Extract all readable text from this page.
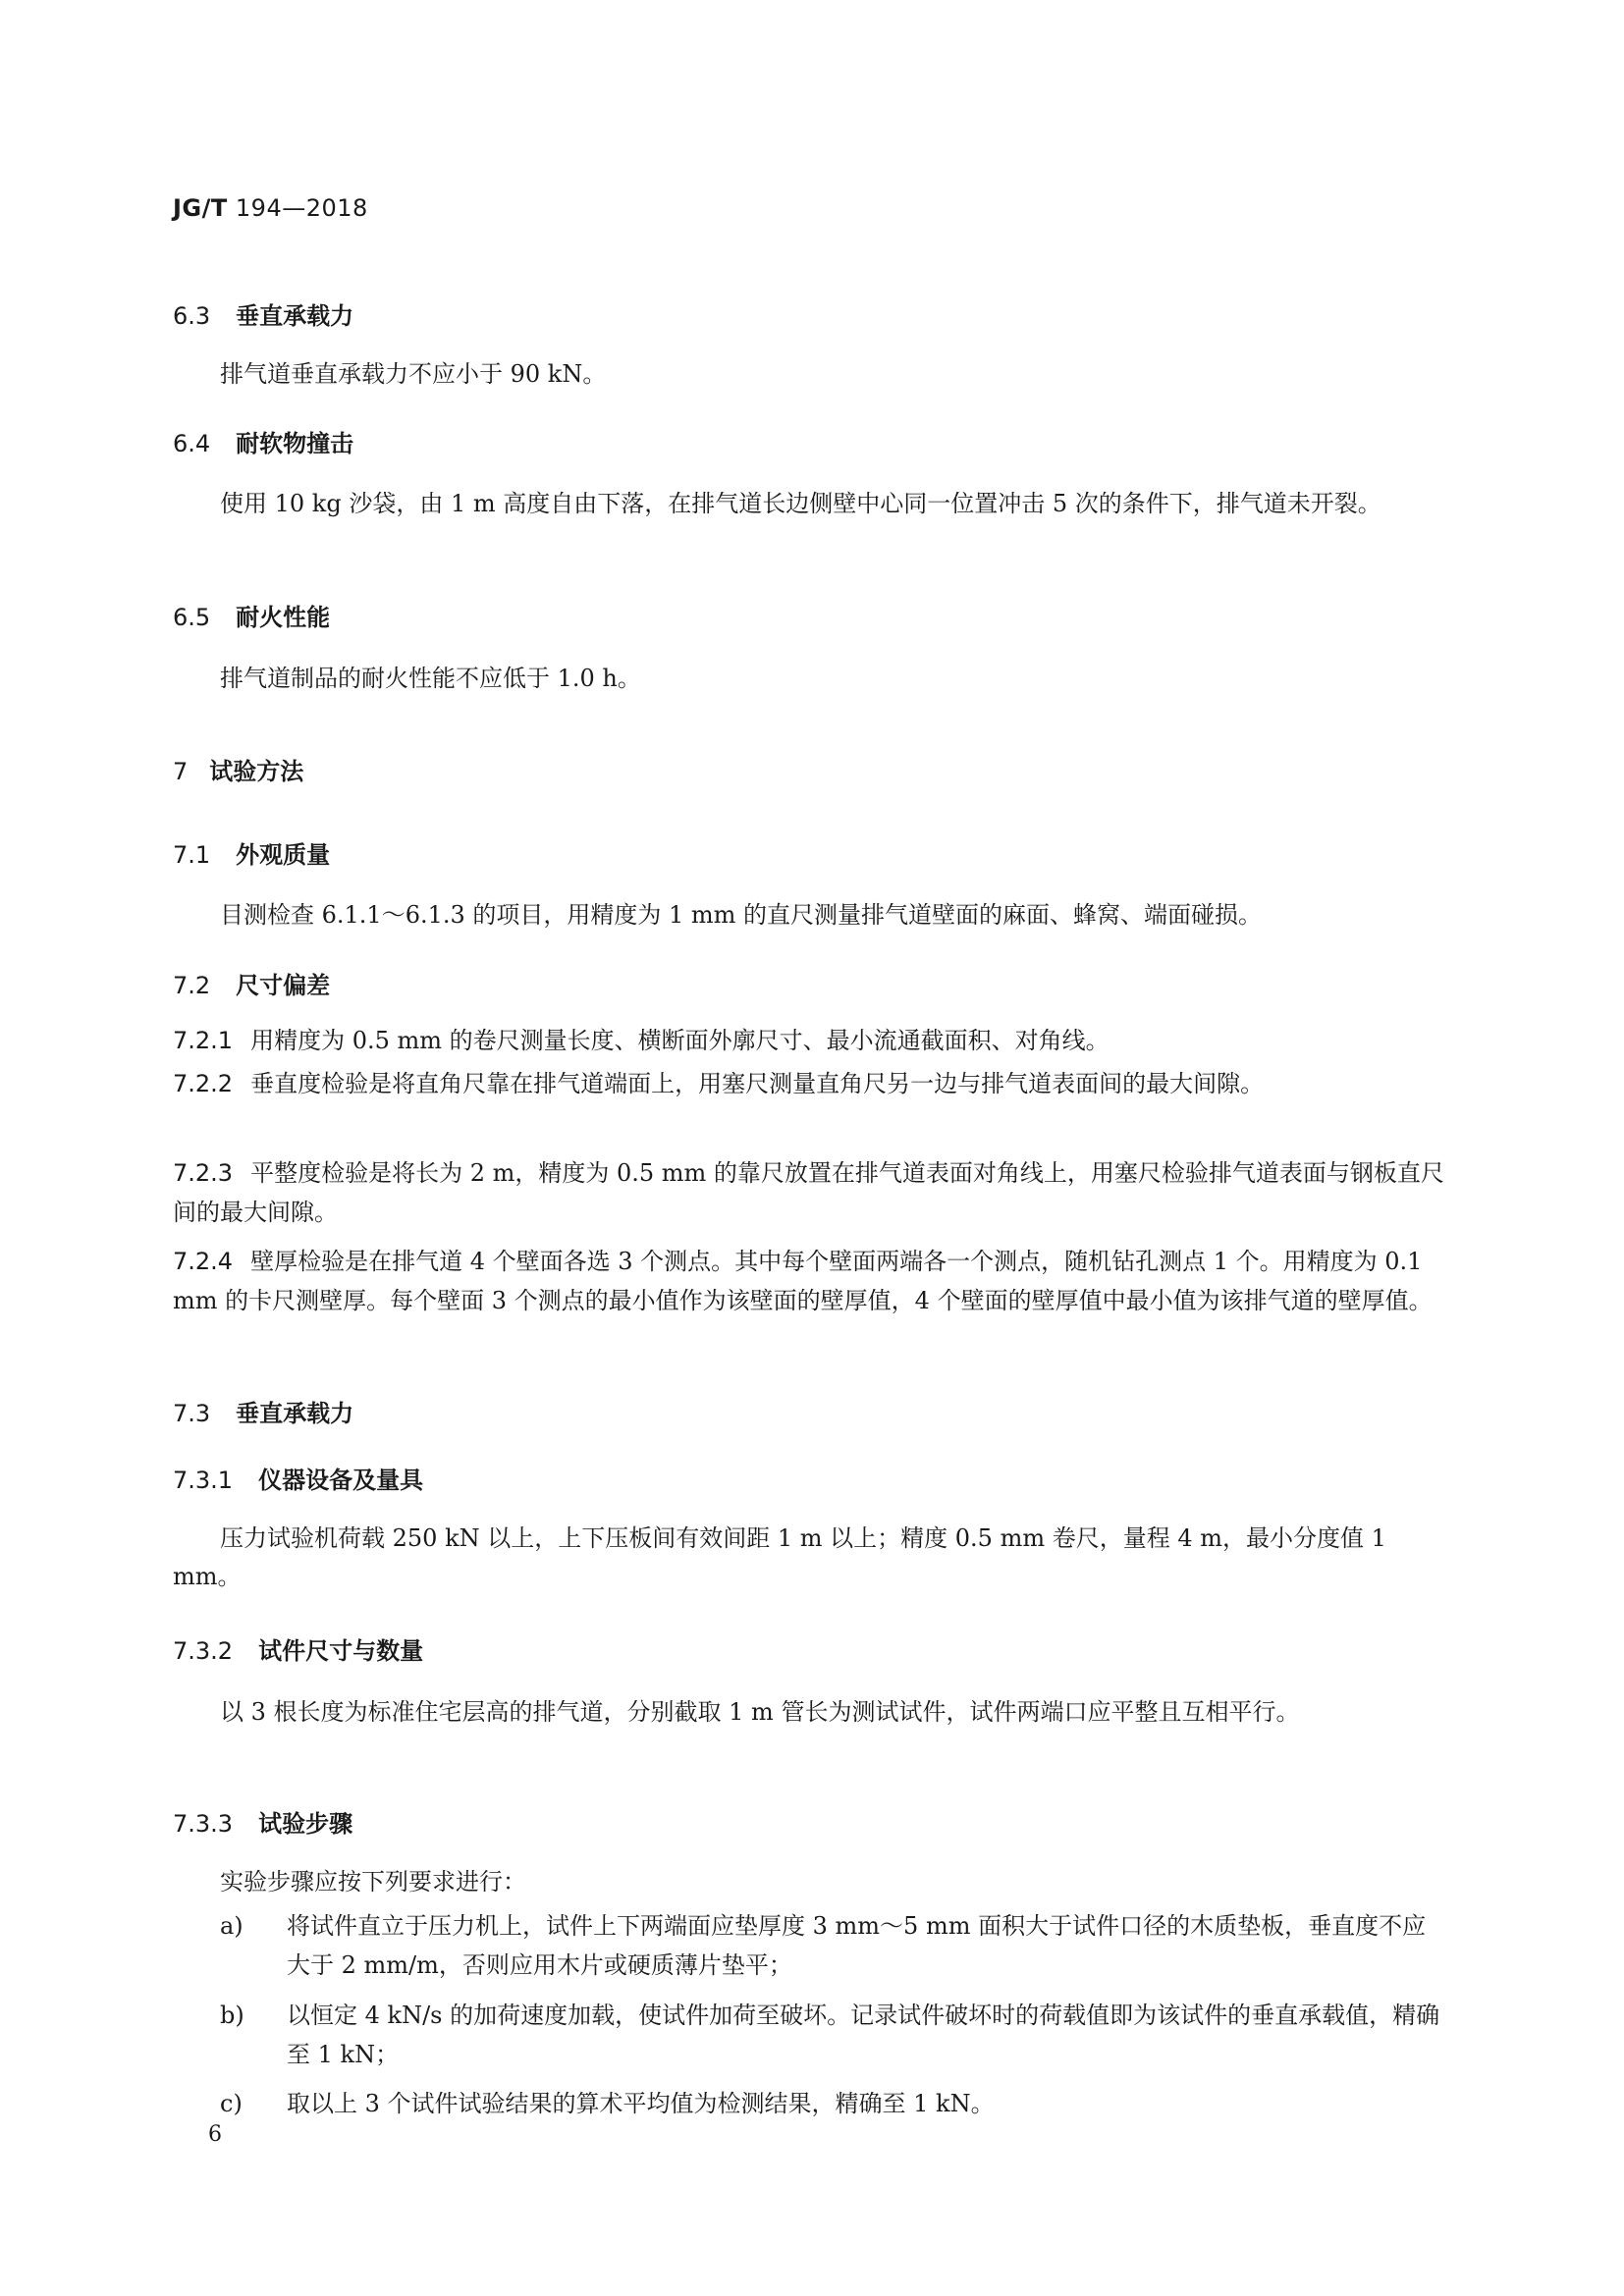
JG/T 194—2018
6.3 垂直承载力
排气道垂直承载力不应小于 90 kN。
6.4 耐软物撞击
使用 10 kg 沙袋，由 1 m 高度自由下落，在排气道长边侧壁中心同一位置冲击 5 次的条件下，排气道未开裂。
6.5 耐火性能
排气道制品的耐火性能不应低于 1.0 h。
7 试验方法
7.1 外观质量
目测检查 6.1.1～6.1.3 的项目，用精度为 1 mm 的直尺测量排气道壁面的麻面、蜂窝、端面碰损。
7.2 尺寸偏差
7.2.1 用精度为 0.5 mm 的卷尺测量长度、横断面外廓尺寸、最小流通截面积、对角线。
7.2.2 垂直度检验是将直角尺靠在排气道端面上，用塞尺测量直角尺另一边与排气道表面间的最大间隙。
7.2.3 平整度检验是将长为 2 m，精度为 0.5 mm 的靠尺放置在排气道表面对角线上，用塞尺检验排气道表面与钢板直尺间的最大间隙。
7.2.4 壁厚检验是在排气道 4 个壁面各选 3 个测点。其中每个壁面两端各一个测点，随机钻孔测点 1 个。用精度为 0.1 mm 的卡尺测壁厚。每个壁面 3 个测点的最小值作为该壁面的壁厚值，4 个壁面的壁厚值中最小值为该排气道的壁厚值。
7.3 垂直承载力
7.3.1 仪器设备及量具
压力试验机荷载 250 kN 以上，上下压板间有效间距 1 m 以上；精度 0.5 mm 卷尺，量程 4 m，最小分度值 1 mm。
7.3.2 试件尺寸与数量
以 3 根长度为标准住宅层高的排气道，分别截取 1 m 管长为测试试件，试件两端口应平整且互相平行。
7.3.3 试验步骤
实验步骤应按下列要求进行：
a)	将试件直立于压力机上，试件上下两端面应垫厚度 3 mm～5 mm 面积大于试件口径的木质垫板，垂直度不应大于 2 mm/m，否则应用木片或硬质薄片垫平；
b)	以恒定 4 kN/s 的加荷速度加载，使试件加荷至破坏。记录试件破坏时的荷载值即为该试件的垂直承载值，精确至 1 kN；
c)	取以上 3 个试件试验结果的算术平均值为检测结果，精确至 1 kN。
6
